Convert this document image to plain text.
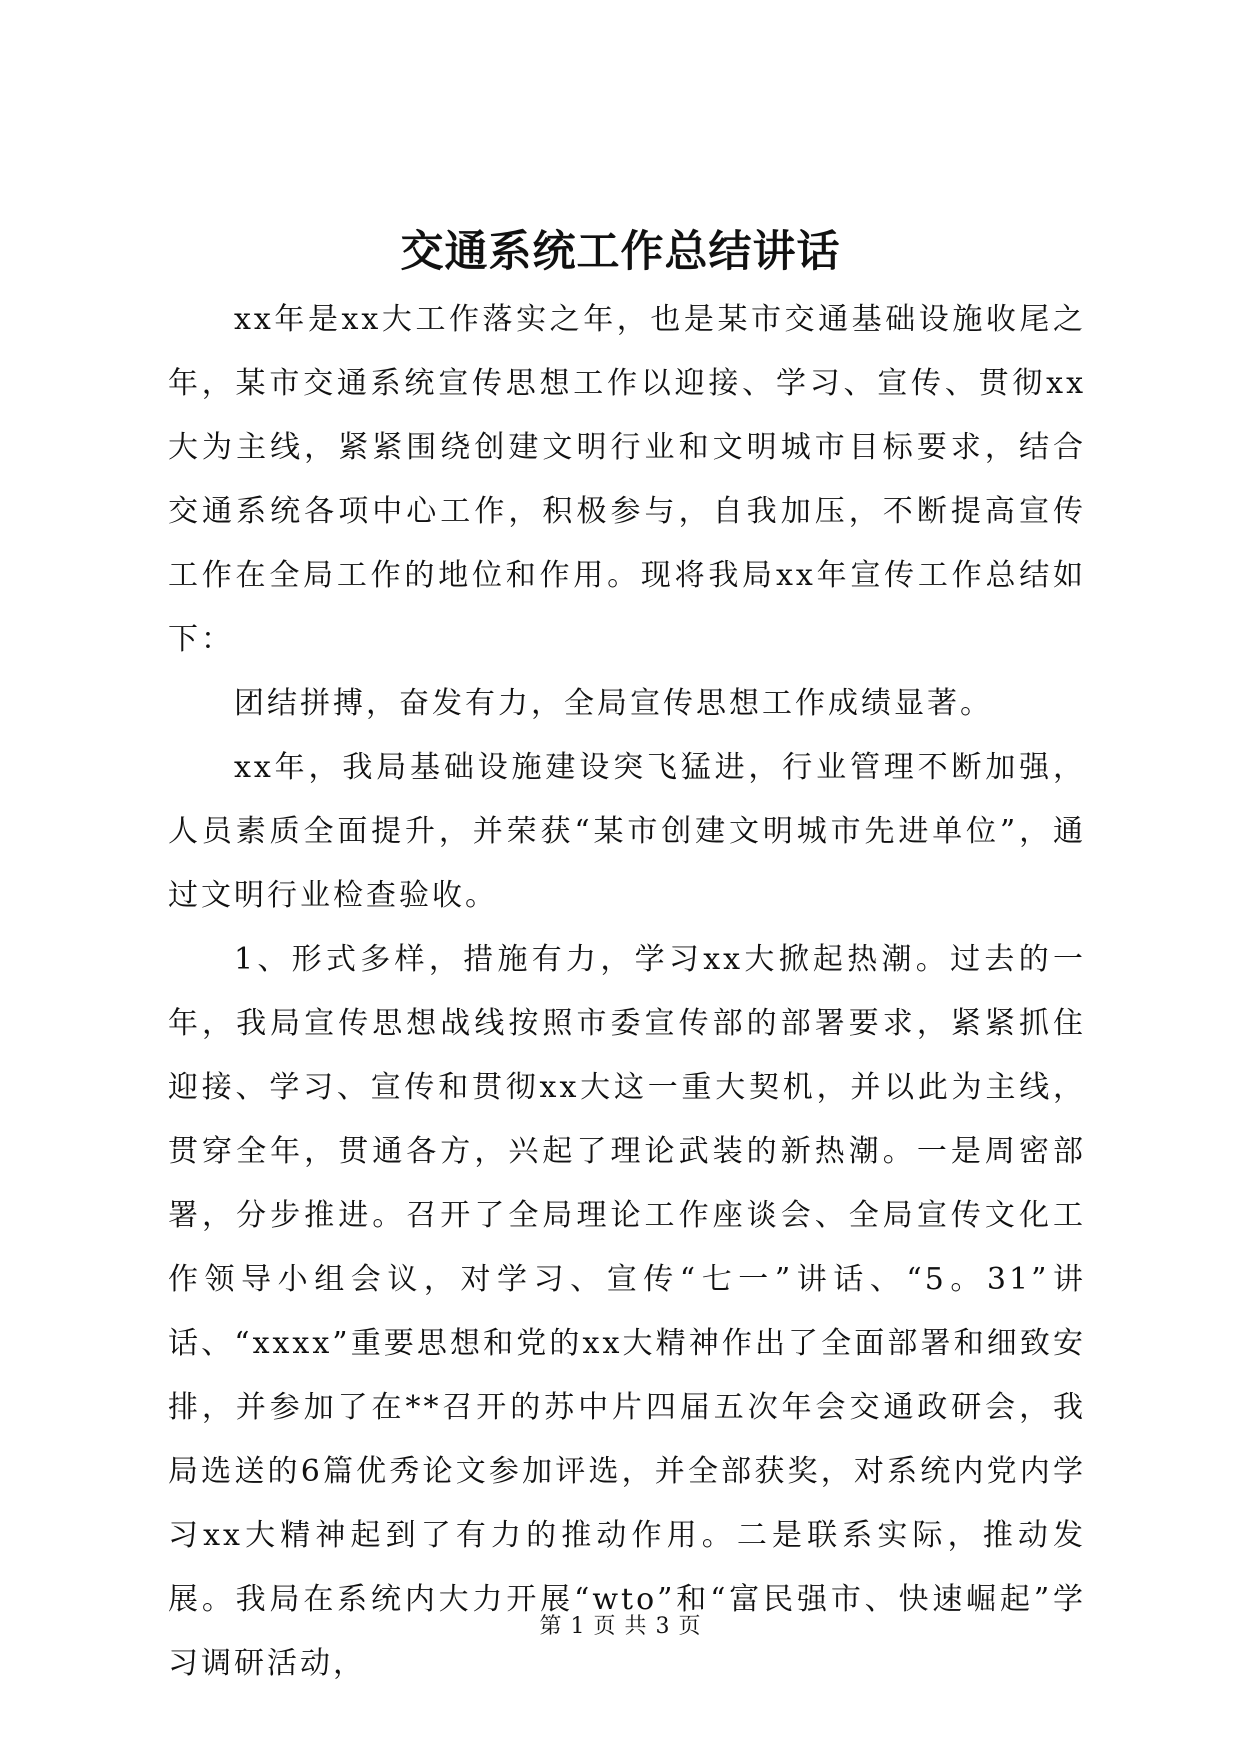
交通系统工作总结讲话

xx年是xx大工作落实之年，也是某市交通基础设施收尾之年，某市交通系统宣传思想工作以迎接、学习、宣传、贯彻xx大为主线，紧紧围绕创建文明行业和文明城市目标要求，结合交通系统各项中心工作，积极参与，自我加压，不断提高宣传工作在全局工作的地位和作用。现将我局xx年宣传工作总结如下：

团结拼搏，奋发有力，全局宣传思想工作成绩显著。

xx年，我局基础设施建设突飞猛进，行业管理不断加强，人员素质全面提升，并荣获“某市创建文明城市先进单位”，通过文明行业检查验收。

1、形式多样，措施有力，学习xx大掀起热潮。过去的一年，我局宣传思想战线按照市委宣传部的部署要求，紧紧抓住迎接、学习、宣传和贯彻xx大这一重大契机，并以此为主线，贯穿全年，贯通各方，兴起了理论武装的新热潮。一是周密部署，分步推进。召开了全局理论工作座谈会、全局宣传文化工作领导小组会议，对学习、宣传“七一”讲话、“5。31”讲话、“xxxx”重要思想和党的xx大精神作出了全面部署和细致安排，并参加了在**召开的苏中片四届五次年会交通政研会，我局选送的6篇优秀论文参加评选，并全部获奖，对系统内党内学习xx大精神起到了有力的推动作用。二是联系实际，推动发展。我局在系统内大力开展“wto”和“富民强市、快速崛起”学习调研活动，

第 1 页 共 3 页
